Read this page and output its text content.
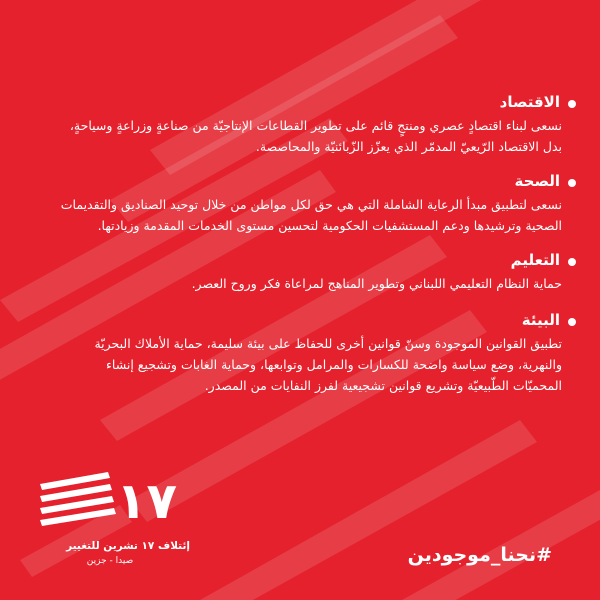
الاقتصاد

نسعى لبناء اقتصادٍ عصري ومنتجٍ قائم على تطوير القطاعات الإنتاجيّة من صناعةٍ وزراعةٍ وسياحةٍ، بدل الاقتصاد الرّيعيّ المدمّر الذي يعزّز الزّبائنيّة والمحاصصة.

الصحة

نسعى لتطبيق مبدأ الرعاية الشاملة التي هي حق لكل مواطن من خلال توحيد الصناديق والتقديمات الصحية وترشيدها ودعم المستشفيات الحكومية لتحسين مستوى الخدمات المقدمة وزيادتها.

التعليم

حماية النظام التعليمي اللبناني وتطوير المناهج لمراعاة فكر وروح العصر.

البيئة

تطبيق القوانين الموجودة وسنّ قوانين أخرى للحفاظ على بيئة سليمة، حماية الأملاك البحريّة والنهرية، وضع سياسة واضحة للكسارات والمرامل وتوابعها، وحماية الغابات وتشجيع إنشاء المحميّات الطّبيعيّة وتشريع قوانين تشجيعية لفرز النفايات من المصدر.

١٧
إئتلاف ١٧ تشرين للتغيير
صيدا - جزين	#نحنا_موجودين
